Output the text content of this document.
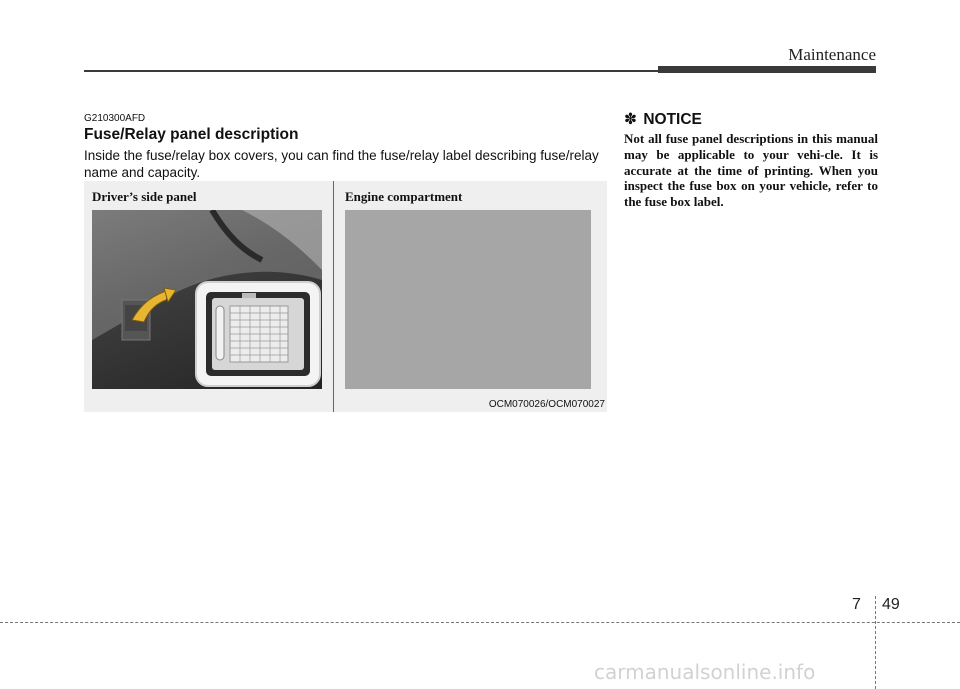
Maintenance
G210300AFD
Fuse/Relay panel description
Inside the fuse/relay box covers, you can find the fuse/relay label describing fuse/relay name and capacity.
Driver’s side panel	Engine compartment
OCM070026/OCM070027
✽ NOTICE
Not all fuse panel descriptions in this manual may be applicable to your vehi-cle. It is accurate at the time of printing. When you inspect the fuse box on your vehicle, refer to the fuse box label.
7 49
carmanualsonline.info
